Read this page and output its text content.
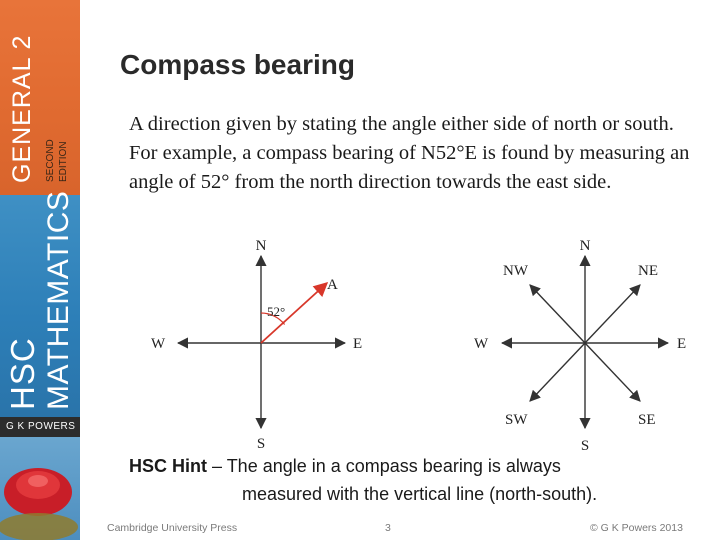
GENERAL 2 SECOND EDITION
HSC MATHEMATICS
G K POWERS
Compass bearing
A direction given by stating the angle either side of north or south. For example, a compass bearing of N52°E is found by measuring an angle of 52° from the north direction towards the east side.
N
S
E
W
A
52°
N
S
E
W
NE
NW
SE
SW
HSC Hint – The angle in a compass bearing is always
measured with the vertical line (north-south).
Cambridge University Press	3	© G K Powers 2013
